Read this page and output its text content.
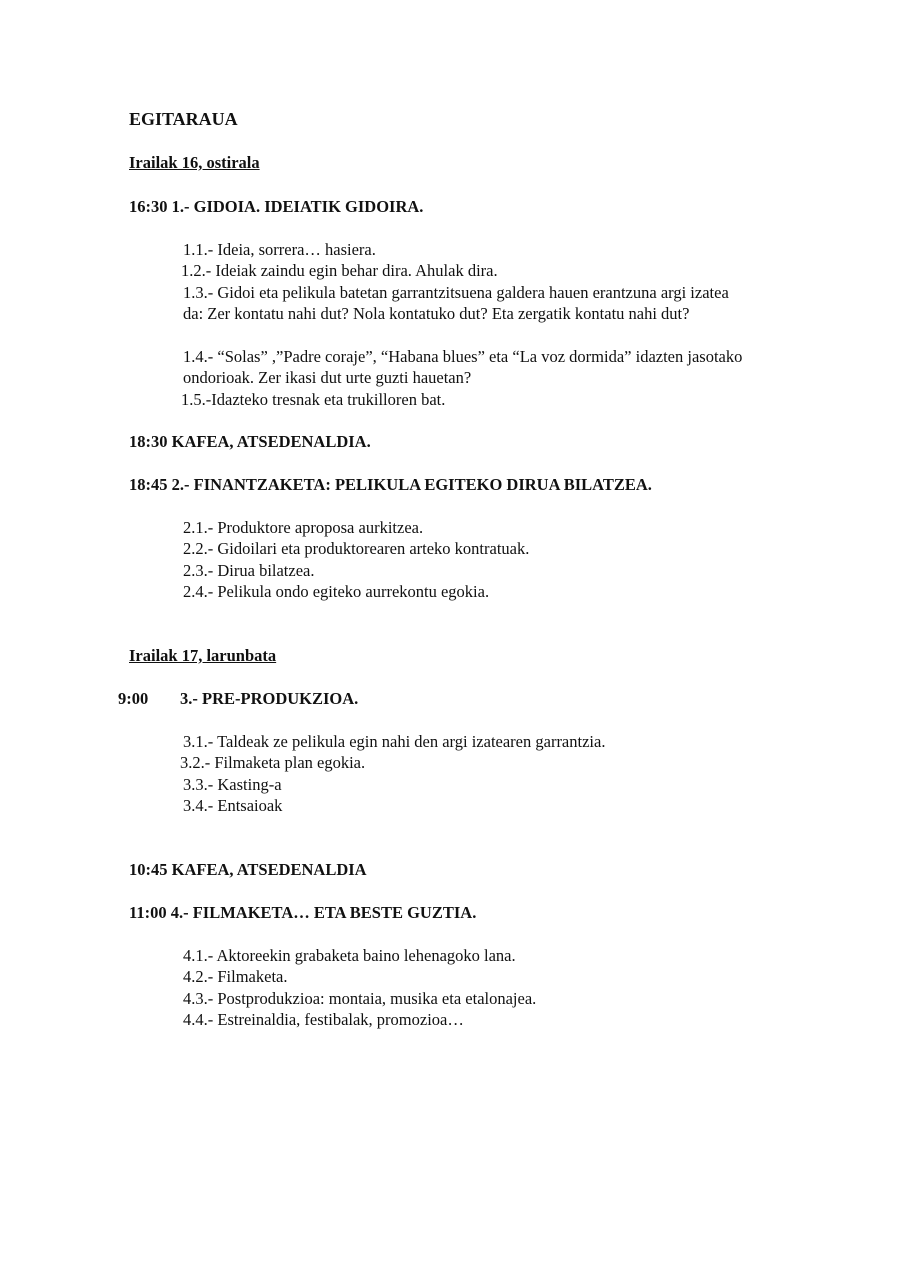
EGITARAUA
Irailak 16, ostirala
16:30 1.- GIDOIA. IDEIATIK GIDOIRA.
1.1.- Ideia, sorrera… hasiera.
1.2.- Ideiak zaindu egin behar dira. Ahulak dira.
1.3.- Gidoi eta pelikula batetan garrantzitsuena galdera hauen erantzuna argi izatea da: Zer kontatu nahi dut? Nola kontatuko dut? Eta zergatik kontatu nahi dut?
1.4.- “Solas” ,”Padre coraje”, “Habana blues” eta “La voz dormida” idazten jasotako ondorioak. Zer ikasi dut urte guzti hauetan?
1.5.-Idazteko tresnak eta trukilloren bat.
18:30 KAFEA, ATSEDENALDIA.
18:45 2.- FINANTZAKETA: PELIKULA EGITEKO DIRUA BILATZEA.
2.1.- Produktore aproposa aurkitzea.
2.2.- Gidoilari eta produktorearen arteko kontratuak.
2.3.- Dirua bilatzea.
2.4.- Pelikula ondo egiteko aurrekontu egokia.
Irailak 17, larunbata
9:00 3.- PRE-PRODUKZIOA.
3.1.- Taldeak ze pelikula egin nahi den argi izatearen garrantzia.
3.2.- Filmaketa plan egokia.
3.3.- Kasting-a
3.4.- Entsaioak
10:45 KAFEA, ATSEDENALDIA
11:00 4.- FILMAKETA… ETA BESTE GUZTIA.
4.1.- Aktoreekin grabaketa baino lehenagoko lana.
4.2.- Filmaketa.
4.3.- Postprodukzioa: montaia, musika eta etalonajea.
4.4.- Estreinaldia, festibalak, promozioa…
